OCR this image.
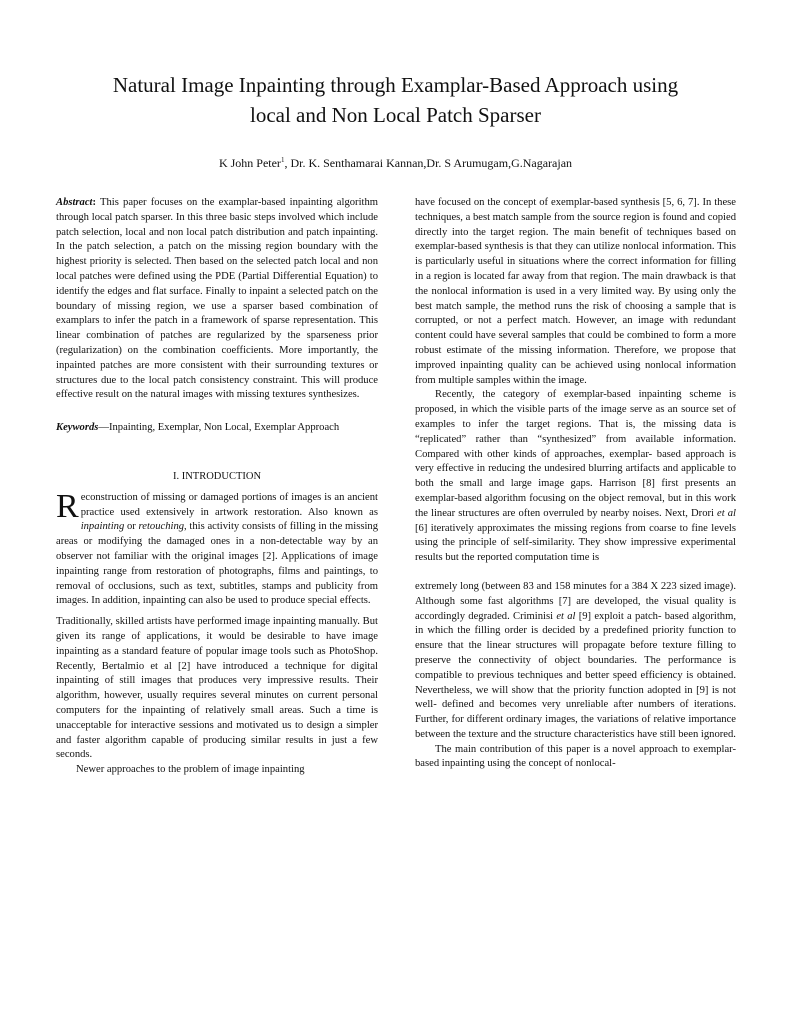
Natural Image Inpainting through Examplar-Based Approach using
local and Non Local Patch Sparser
K John Peter$^1$, Dr. K. Senthamarai Kannan,Dr. S Arumugam,G.Nagarajan

Abstract: This paper focuses on the examplar-based inpainting algorithm through local patch sparser. In this three basic steps involved which include patch selection, local and non local patch distribution and patch inpainting. In the patch selection, a patch on the missing region boundary with the highest priority is selected. Then based on the selected patch local and non local patches were defined using the PDE (Partial Differential Equation) to identify the edges and flat surface. Finally to inpaint a selected patch on the boundary of missing region, we use a sparser based combination of examplars to infer the patch in a framework of sparse representation. This linear combination of patches are regularized by the sparseness prior (regularization) on the combination coefficients. More importantly, the inpainted patches are more consistent with their surrounding textures or structures due to the local patch consistency constraint. This will produce effective result on the natural images with missing textures synthesizes.

Keywords—Inpainting, Exemplar, Non Local, Exemplar Approach

I. INTRODUCTION

Reconstruction of missing or damaged portions of images is an ancient practice used extensively in artwork restoration. Also known as inpainting or retouching, this activity consists of filling in the missing areas or modifying the damaged ones in a non-detectable way by an observer not familiar with the original images [2]. Applications of image inpainting range from restoration of photographs, films and paintings, to removal of occlusions, such as text, subtitles, stamps and publicity from images. In addition, inpainting can also be used to produce special effects.

Traditionally, skilled artists have performed image inpainting manually. But given its range of applications, it would be desirable to have image inpainting as a standard feature of popular image tools such as PhotoShop. Recently, Bertalmio et al [2] have introduced a technique for digital inpainting of still images that produces very impressive results. Their algorithm, however, usually requires several minutes on current personal computers for the inpainting of relatively small areas. Such a time is unacceptable for interactive sessions and motivated us to design a simpler and faster algorithm capable of producing similar results in just a few seconds.

Newer approaches to the problem of image inpainting

have focused on the concept of exemplar-based synthesis [5, 6, 7]. In these techniques, a best match sample from the source region is found and copied directly into the target region. The main benefit of techniques based on exemplar-based synthesis is that they can utilize nonlocal information. This is particularly useful in situations where the correct information for filling in a region is located far away from that region. The main drawback is that the nonlocal information is used in a very limited way. By using only the best match sample, the method runs the risk of choosing a sample that is corrupted, or not a perfect match. However, an image with redundant content could have several samples that could be combined to form a more robust estimate of the missing information. Therefore, we propose that improved inpainting quality can be achieved using nonlocal information from multiple samples within the image.

Recently, the category of exemplar-based inpainting scheme is proposed, in which the visible parts of the image serve as an source set of examples to infer the target regions. That is, the missing data is “replicated” rather than “synthesized” from available information. Compared with other kinds of approaches, exemplar- based approach is very effective in reducing the undesired blurring artifacts and applicable to both the small and large image gaps. Harrison [8] first presents an exemplar-based algorithm focusing on the object removal, but in this work the linear structures are often overruled by nearby noises. Next, Drori et al [6] iteratively approximates the missing regions from coarse to fine levels using the principle of self-similarity. They show impressive experimental results but the reported computation time is

extremely long (between 83 and 158 minutes for a 384 X 223 sized image). Although some fast algorithms [7] are developed, the visual quality is accordingly degraded. Criminisi et al [9] exploit a patch- based algorithm, in which the filling order is decided by a predefined priority function to ensure that the linear structures will propagate before texture filling to preserve the connectivity of object boundaries. The performance is compatible to previous techniques and better speed efficiency is obtained. Nevertheless, we will show that the priority function adopted in [9] is not well- defined and becomes very unreliable after numbers of iterations. Further, for different ordinary images, the variations of relative importance between the texture and the structure characteristics have still been ignored.

The main contribution of this paper is a novel approach to exemplar-based inpainting using the concept of nonlocal-
